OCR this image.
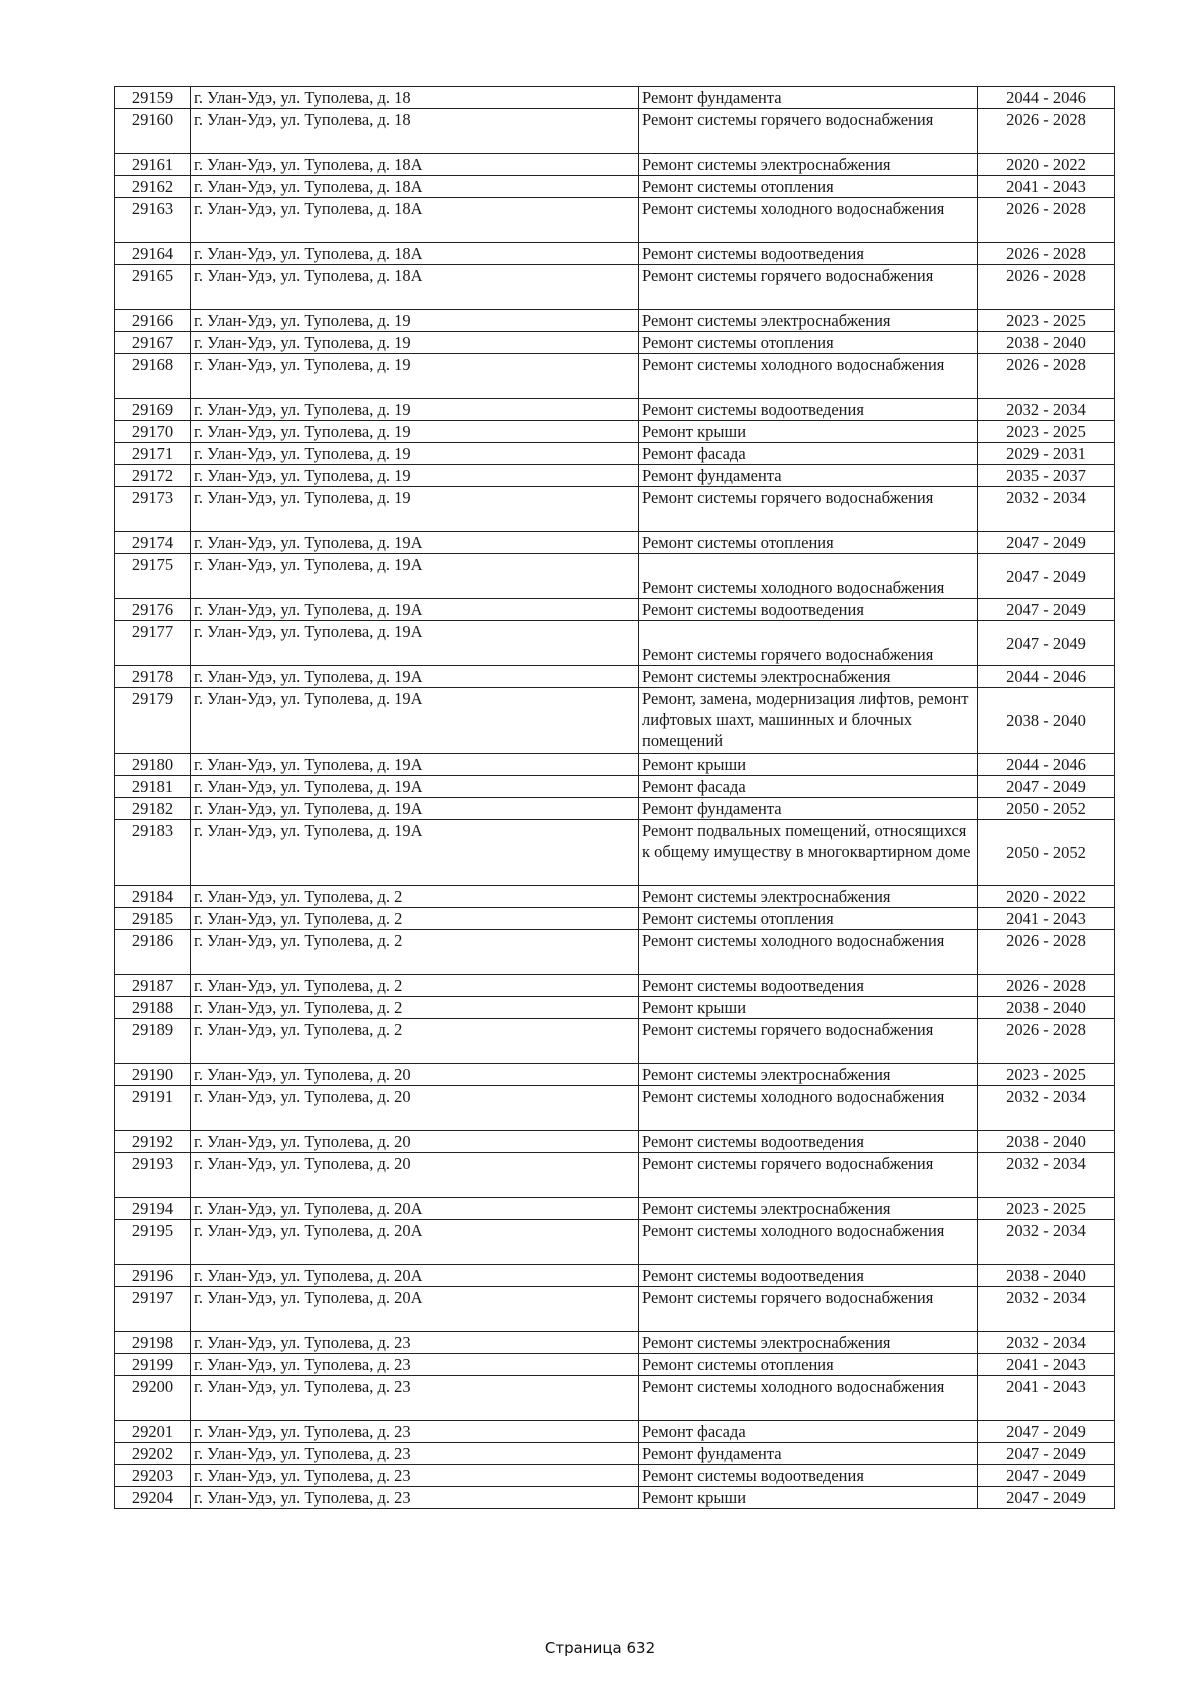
29159	г. Улан-Удэ, ул. Туполева, д. 18	Ремонт фундамента	2044 - 2046
29160	г. Улан-Удэ, ул. Туполева, д. 18	Ремонт системы горячего водоснабжения	2026 - 2028
29161	г. Улан-Удэ, ул. Туполева, д. 18А	Ремонт системы электроснабжения	2020 - 2022
29162	г. Улан-Удэ, ул. Туполева, д. 18А	Ремонт системы отопления	2041 - 2043
29163	г. Улан-Удэ, ул. Туполева, д. 18А	Ремонт системы холодного водоснабжения	2026 - 2028
29164	г. Улан-Удэ, ул. Туполева, д. 18А	Ремонт системы водоотведения	2026 - 2028
29165	г. Улан-Удэ, ул. Туполева, д. 18А	Ремонт системы горячего водоснабжения	2026 - 2028
29166	г. Улан-Удэ, ул. Туполева, д. 19	Ремонт системы электроснабжения	2023 - 2025
29167	г. Улан-Удэ, ул. Туполева, д. 19	Ремонт системы отопления	2038 - 2040
29168	г. Улан-Удэ, ул. Туполева, д. 19	Ремонт системы холодного водоснабжения	2026 - 2028
29169	г. Улан-Удэ, ул. Туполева, д. 19	Ремонт системы водоотведения	2032 - 2034
29170	г. Улан-Удэ, ул. Туполева, д. 19	Ремонт крыши	2023 - 2025
29171	г. Улан-Удэ, ул. Туполева, д. 19	Ремонт фасада	2029 - 2031
29172	г. Улан-Удэ, ул. Туполева, д. 19	Ремонт фундамента	2035 - 2037
29173	г. Улан-Удэ, ул. Туполева, д. 19	Ремонт системы горячего водоснабжения	2032 - 2034
29174	г. Улан-Удэ, ул. Туполева, д. 19А	Ремонт системы отопления	2047 - 2049
29175	г. Улан-Удэ, ул. Туполева, д. 19А	Ремонт системы холодного водоснабжения	2047 - 2049
29176	г. Улан-Удэ, ул. Туполева, д. 19А	Ремонт системы водоотведения	2047 - 2049
29177	г. Улан-Удэ, ул. Туполева, д. 19А	Ремонт системы горячего водоснабжения	2047 - 2049
29178	г. Улан-Удэ, ул. Туполева, д. 19А	Ремонт системы электроснабжения	2044 - 2046
29179	г. Улан-Удэ, ул. Туполева, д. 19А	Ремонт, замена, модернизация лифтов, ремонт лифтовых шахт, машинных и блочных помещений	2038 - 2040
29180	г. Улан-Удэ, ул. Туполева, д. 19А	Ремонт крыши	2044 - 2046
29181	г. Улан-Удэ, ул. Туполева, д. 19А	Ремонт фасада	2047 - 2049
29182	г. Улан-Удэ, ул. Туполева, д. 19А	Ремонт фундамента	2050 - 2052
29183	г. Улан-Удэ, ул. Туполева, д. 19А	Ремонт подвальных помещений, относящихся к общему имуществу в многоквартирном доме	2050 - 2052
29184	г. Улан-Удэ, ул. Туполева, д. 2	Ремонт системы электроснабжения	2020 - 2022
29185	г. Улан-Удэ, ул. Туполева, д. 2	Ремонт системы отопления	2041 - 2043
29186	г. Улан-Удэ, ул. Туполева, д. 2	Ремонт системы холодного водоснабжения	2026 - 2028
29187	г. Улан-Удэ, ул. Туполева, д. 2	Ремонт системы водоотведения	2026 - 2028
29188	г. Улан-Удэ, ул. Туполева, д. 2	Ремонт крыши	2038 - 2040
29189	г. Улан-Удэ, ул. Туполева, д. 2	Ремонт системы горячего водоснабжения	2026 - 2028
29190	г. Улан-Удэ, ул. Туполева, д. 20	Ремонт системы электроснабжения	2023 - 2025
29191	г. Улан-Удэ, ул. Туполева, д. 20	Ремонт системы холодного водоснабжения	2032 - 2034
29192	г. Улан-Удэ, ул. Туполева, д. 20	Ремонт системы водоотведения	2038 - 2040
29193	г. Улан-Удэ, ул. Туполева, д. 20	Ремонт системы горячего водоснабжения	2032 - 2034
29194	г. Улан-Удэ, ул. Туполева, д. 20А	Ремонт системы электроснабжения	2023 - 2025
29195	г. Улан-Удэ, ул. Туполева, д. 20А	Ремонт системы холодного водоснабжения	2032 - 2034
29196	г. Улан-Удэ, ул. Туполева, д. 20А	Ремонт системы водоотведения	2038 - 2040
29197	г. Улан-Удэ, ул. Туполева, д. 20А	Ремонт системы горячего водоснабжения	2032 - 2034
29198	г. Улан-Удэ, ул. Туполева, д. 23	Ремонт системы электроснабжения	2032 - 2034
29199	г. Улан-Удэ, ул. Туполева, д. 23	Ремонт системы отопления	2041 - 2043
29200	г. Улан-Удэ, ул. Туполева, д. 23	Ремонт системы холодного водоснабжения	2041 - 2043
29201	г. Улан-Удэ, ул. Туполева, д. 23	Ремонт фасада	2047 - 2049
29202	г. Улан-Удэ, ул. Туполева, д. 23	Ремонт фундамента	2047 - 2049
29203	г. Улан-Удэ, ул. Туполева, д. 23	Ремонт системы водоотведения	2047 - 2049
29204	г. Улан-Удэ, ул. Туполева, д. 23	Ремонт крыши	2047 - 2049
Страница 632
